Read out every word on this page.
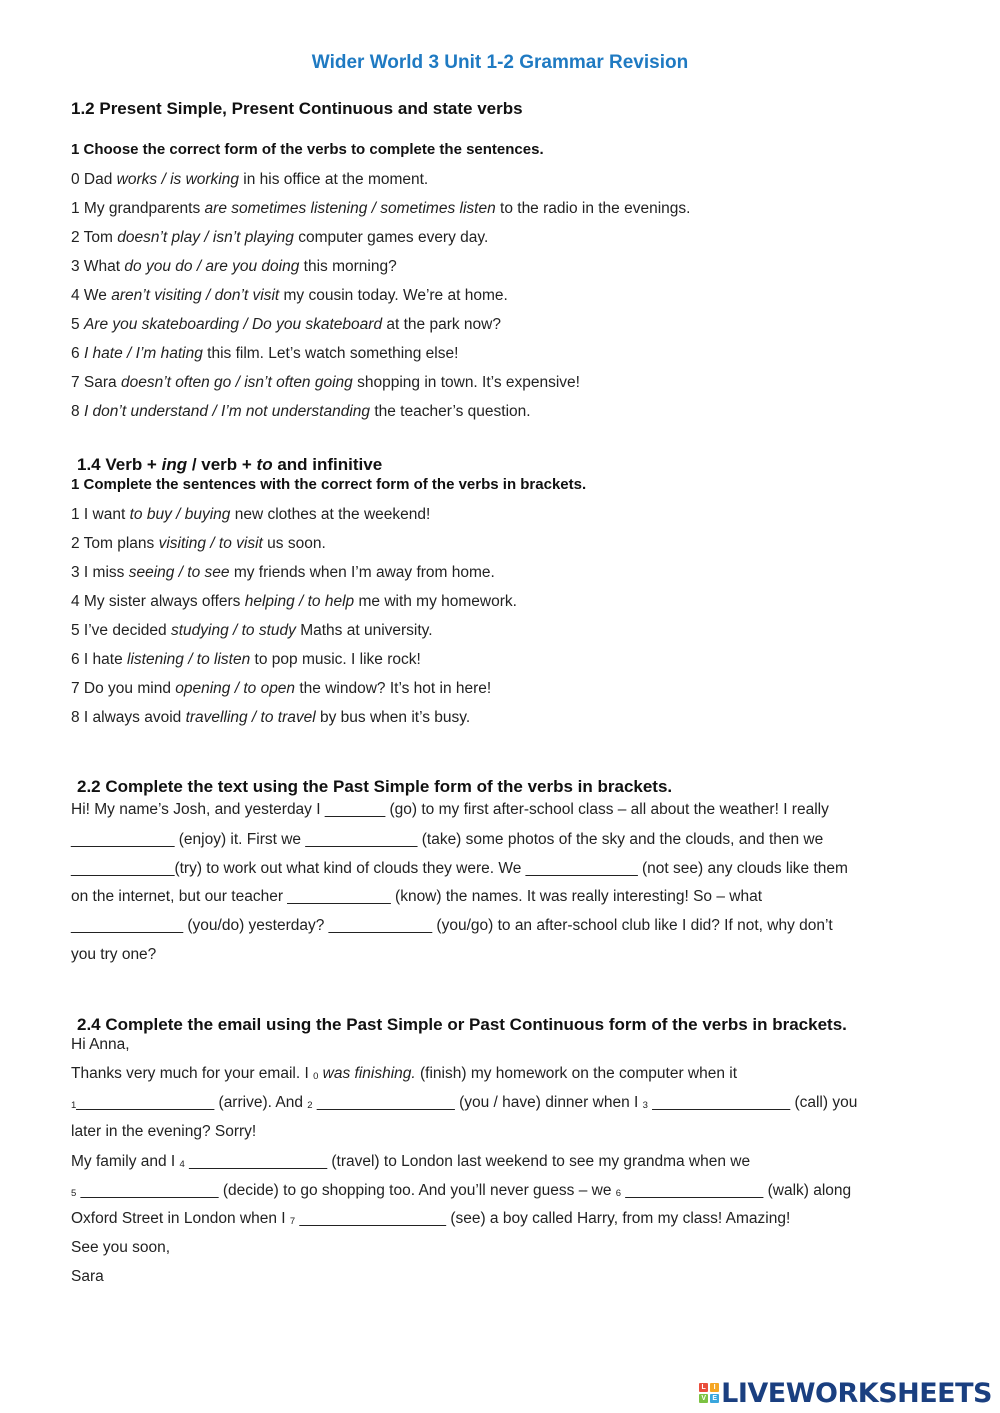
Wider World 3 Unit 1-2 Grammar Revision
1.2 Present Simple, Present Continuous and state verbs
1 Choose the correct form of the verbs to complete the sentences.
0 Dad works / is working in his office at the moment.
1 My grandparents are sometimes listening / sometimes listen to the radio in the evenings.
2 Tom doesn’t play / isn’t playing computer games every day.
3 What do you do / are you doing this morning?
4 We aren’t visiting / don’t visit my cousin today. We’re at home.
5 Are you skateboarding / Do you skateboard at the park now?
6 I hate / I’m hating this film. Let’s watch something else!
7 Sara doesn’t often go / isn’t often going shopping in town. It’s expensive!
8 I don’t understand / I’m not understanding the teacher’s question.
1.4 Verb + ing / verb + to and infinitive
1 Complete the sentences with the correct form of the verbs in brackets.
1 I want to buy / buying new clothes at the weekend!
2 Tom plans visiting / to visit us soon.
3 I miss seeing / to see my friends when I’m away from home.
4 My sister always offers helping / to help me with my homework.
5 I’ve decided studying / to study Maths at university.
6 I hate listening / to listen to pop music. I like rock!
7 Do you mind opening / to open the window? It’s hot in here!
8 I always avoid travelling / to travel by bus when it’s busy.
2.2 Complete the text using the Past Simple form of the verbs in brackets.
Hi! My name’s Josh, and yesterday I _______ (go) to my first after-school class – all about the weather! I really
____________ (enjoy) it. First we _____________ (take) some photos of the sky and the clouds, and then we
____________(try) to work out what kind of clouds they were. We _____________ (not see) any clouds like them
on the internet, but our teacher ____________ (know) the names. It was really interesting! So – what
_____________ (you/do) yesterday? ____________ (you/go) to an after-school club like I did? If not, why don’t
you try one?
2.4 Complete the email using the Past Simple or Past Continuous form of the verbs in brackets.
Hi Anna,
Thanks very much for your email. I 0 was finishing. (finish) my homework on the computer when it
1________________ (arrive). And 2 ________________ (you / have) dinner when I 3 ________________ (call) you
later in the evening? Sorry!
My family and I 4 ________________ (travel) to London last weekend to see my grandma when we
5 ________________ (decide) to go shopping too. And you’ll never guess – we 6 ________________ (walk) along
Oxford Street in London when I 7 _________________ (see) a boy called Harry, from my class! Amazing!
See you soon,
Sara
L	I
V E LIVEWORKSHEETS
